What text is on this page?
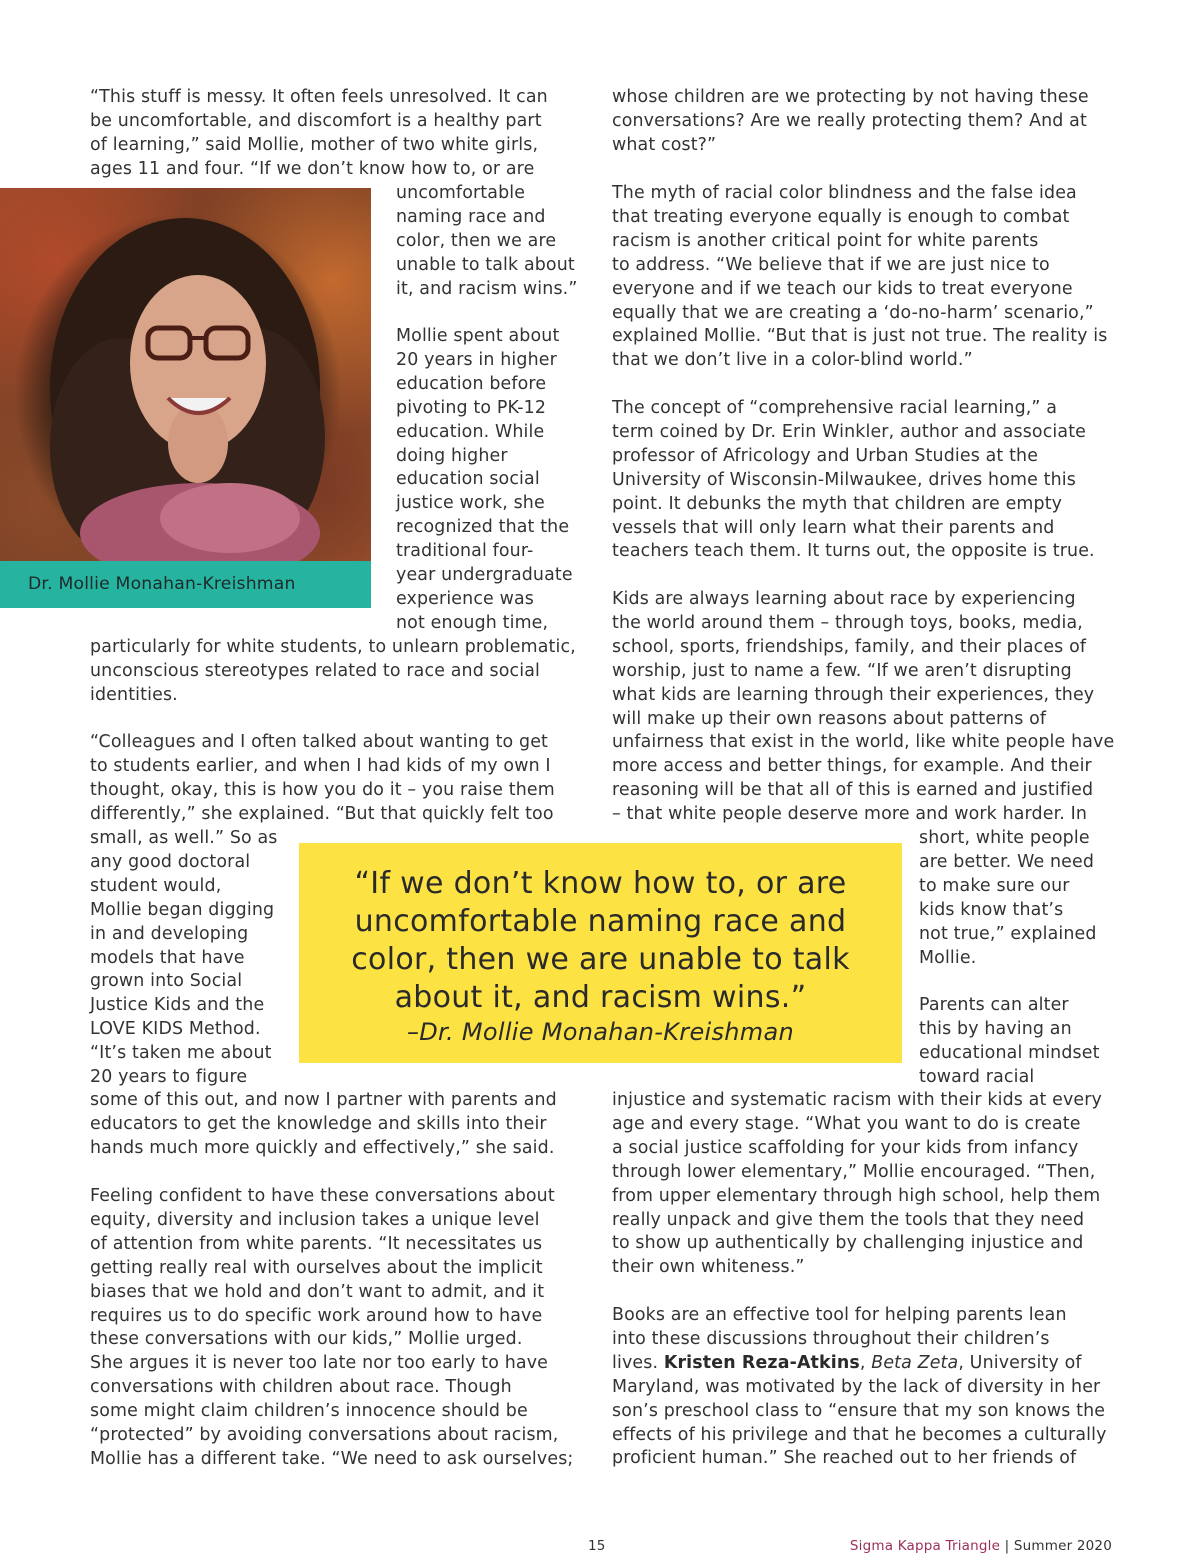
Dr. Mollie Monahan-Kreishman
“This stuff is messy. It often feels unresolved. It can
be uncomfortable, and discomfort is a healthy part
of learning,” said Mollie, mother of two white girls,
ages 11 and four. “If we don’t know how to, or are
uncomfortable
naming race and
color, then we are
unable to talk about
it, and racism wins.”
Mollie spent about
20 years in higher
education before
pivoting to PK-12
education. While
doing higher
education social
justice work, she
recognized that the
traditional four-
year undergraduate
experience was
not enough time,
particularly for white students, to unlearn problematic,
unconscious stereotypes related to race and social
identities.
“Colleagues and I often talked about wanting to get
to students earlier, and when I had kids of my own I
thought, okay, this is how you do it – you raise them
differently,” she explained. “But that quickly felt too
small, as well.” So as
any good doctoral
student would,
Mollie began digging
in and developing
models that have
grown into Social
Justice Kids and the
LOVE KIDS Method.
“It’s taken me about
20 years to figure
some of this out, and now I partner with parents and
educators to get the knowledge and skills into their
hands much more quickly and effectively,” she said.
Feeling confident to have these conversations about
equity, diversity and inclusion takes a unique level
of attention from white parents. “It necessitates us
getting really real with ourselves about the implicit
biases that we hold and don’t want to admit, and it
requires us to do specific work around how to have
these conversations with our kids,” Mollie urged.
She argues it is never too late nor too early to have
conversations with children about race. Though
some might claim children’s innocence should be
“protected” by avoiding conversations about racism,
Mollie has a different take. “We need to ask ourselves;
whose children are we protecting by not having these
conversations? Are we really protecting them? And at
what cost?”
The myth of racial color blindness and the false idea
that treating everyone equally is enough to combat
racism is another critical point for white parents
to address. “We believe that if we are just nice to
everyone and if we teach our kids to treat everyone
equally that we are creating a ‘do-no-harm’ scenario,”
explained Mollie. “But that is just not true. The reality is
that we don’t live in a color-blind world.”
The concept of “comprehensive racial learning,” a
term coined by Dr. Erin Winkler, author and associate
professor of Africology and Urban Studies at the
University of Wisconsin-Milwaukee, drives home this
point. It debunks the myth that children are empty
vessels that will only learn what their parents and
teachers teach them. It turns out, the opposite is true.
Kids are always learning about race by experiencing
the world around them – through toys, books, media,
school, sports, friendships, family, and their places of
worship, just to name a few. “If we aren’t disrupting
what kids are learning through their experiences, they
will make up their own reasons about patterns of
unfairness that exist in the world, like white people have
more access and better things, for example. And their
reasoning will be that all of this is earned and justified
– that white people deserve more and work harder. In
short, white people
are better. We need
to make sure our
kids know that’s
not true,” explained
Mollie.
Parents can alter
this by having an
educational mindset
toward racial
injustice and systematic racism with their kids at every
age and every stage. “What you want to do is create
a social justice scaffolding for your kids from infancy
through lower elementary,” Mollie encouraged. “Then,
from upper elementary through high school, help them
really unpack and give them the tools that they need
to show up authentically by challenging injustice and
their own whiteness.”
Books are an effective tool for helping parents lean
into these discussions throughout their children’s
lives. Kristen Reza-Atkins, Beta Zeta, University of
Maryland, was motivated by the lack of diversity in her
son’s preschool class to “ensure that my son knows the
effects of his privilege and that he becomes a culturally
proficient human.” She reached out to her friends of
“If we don’t know how to, or are
uncomfortable naming race and
color, then we are unable to talk
about it, and racism wins.”
–Dr. Mollie Monahan-Kreishman
15	Sigma Kappa Triangle | Summer 2020
